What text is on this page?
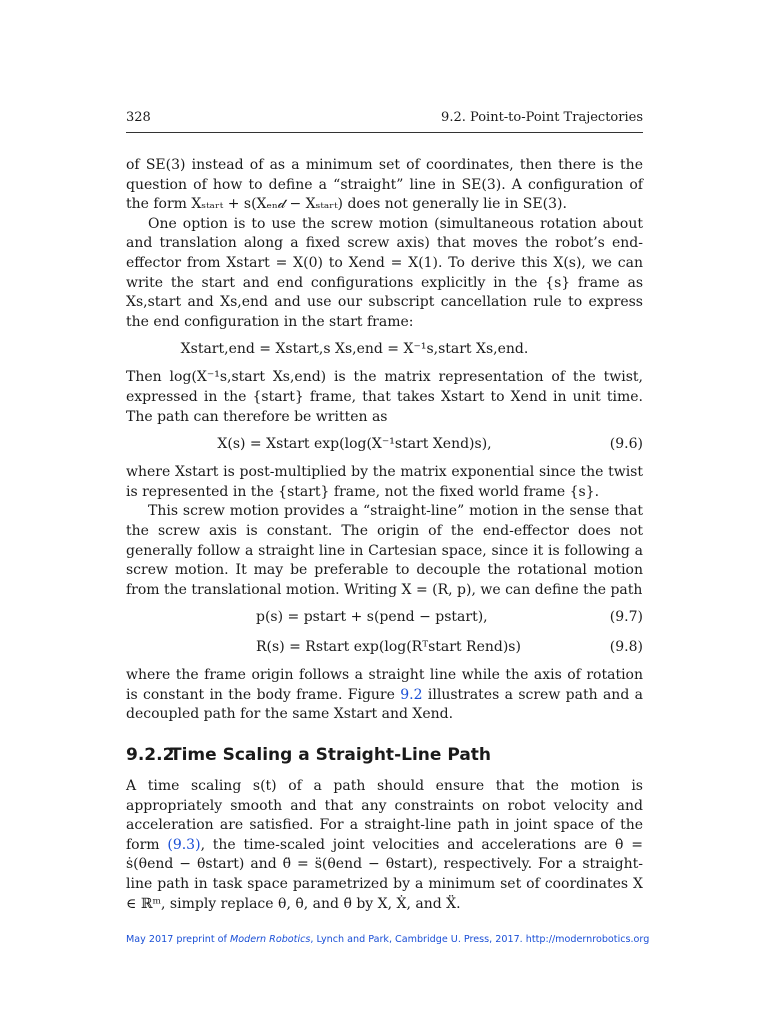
328	9.2. Point-to-Point Trajectories

of SE(3) instead of as a minimum set of coordinates, then there is the question of how to define a “straight” line in SE(3). A configuration of the form Xₛₜₐᵣₜ + s(Xₑₙ𝒹 − Xₛₜₐᵣₜ) does not generally lie in SE(3).

One option is to use the screw motion (simultaneous rotation about and translation along a fixed screw axis) that moves the robot’s end-effector from Xstart = X(0) to Xend = X(1). To derive this X(s), we can write the start and end configurations explicitly in the {s} frame as Xs,start and Xs,end and use our subscript cancellation rule to express the end configuration in the start frame:

Xstart,end = Xstart,s Xs,end = X⁻¹s,start Xs,end.

Then log(X⁻¹s,start Xs,end) is the matrix representation of the twist, expressed in the {start} frame, that takes Xstart to Xend in unit time. The path can therefore be written as

X(s) = Xstart exp(log(X⁻¹start Xend)s),	(9.6)

where Xstart is post-multiplied by the matrix exponential since the twist is represented in the {start} frame, not the fixed world frame {s}.

This screw motion provides a “straight-line” motion in the sense that the screw axis is constant. The origin of the end-effector does not generally follow a straight line in Cartesian space, since it is following a screw motion. It may be preferable to decouple the rotational motion from the translational motion. Writing X = (R, p), we can define the path

p(s) = pstart + s(pend − pstart),	(9.7)
R(s) = Rstart exp(log(Rᵀstart Rend)s)	(9.8)

where the frame origin follows a straight line while the axis of rotation is constant in the body frame. Figure 9.2 illustrates a screw path and a decoupled path for the same Xstart and Xend.

9.2.2
Time Scaling a Straight-Line Path

A time scaling s(t) of a path should ensure that the motion is appropriately smooth and that any constraints on robot velocity and acceleration are satisfied. For a straight-line path in joint space of the form (9.3), the time-scaled joint velocities and accelerations are θ̇ = ṡ(θend − θstart) and θ̈ = s̈(θend − θstart), respectively. For a straight-line path in task space parametrized by a minimum set of coordinates X ∈ ℝᵐ, simply replace θ, θ̇, and θ̈ by X, Ẋ, and Ẍ.

May 2017 preprint of Modern Robotics, Lynch and Park, Cambridge U. Press, 2017. http://modernrobotics.org
